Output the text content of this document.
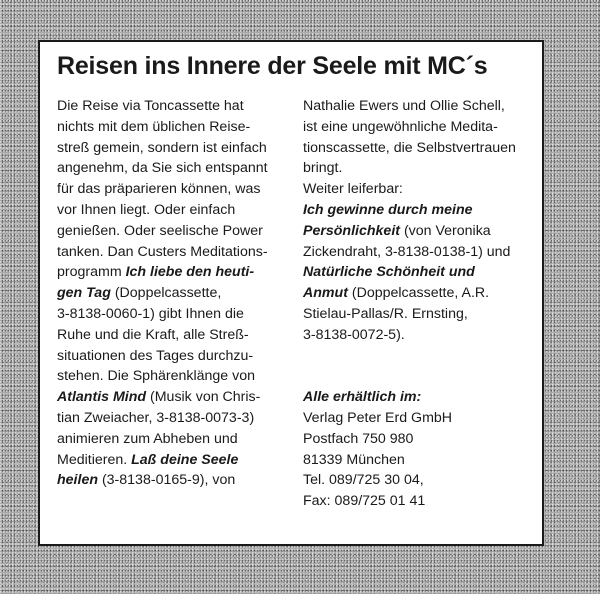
Reisen ins Innere der Seele mit MC´s
Die Reise via Toncassette hat
nichts mit dem üblichen Reise-
streß gemein, sondern ist einfach
angenehm, da Sie sich entspannt
für das präparieren können, was
vor Ihnen liegt. Oder einfach
genießen. Oder seelische Power
tanken. Dan Custers Meditations-
programm Ich liebe den heuti-
gen Tag (Doppelcassette,
3-8138-0060-1) gibt Ihnen die
Ruhe und die Kraft, alle Streß-
situationen des Tages durchzu-
stehen. Die Sphärenklänge von
Atlantis Mind (Musik von Chris-
tian Zweiacher, 3-8138-0073-3)
animieren zum Abheben und
Meditieren. Laß deine Seele
heilen (3-8138-0165-9), von
Nathalie Ewers und Ollie Schell,
ist eine ungewöhnliche Medita-
tionscassette, die Selbstvertrauen
bringt.
Weiter leiferbar:
Ich gewinne durch meine
Persönlichkeit (von Veronika
Zickendraht, 3-8138-0138-1) und
Natürliche Schönheit und
Anmut (Doppelcassette, A.R.
Stielau-Pallas/R. Ernsting,
3-8138-0072-5).
Alle erhältlich im:
Verlag Peter Erd GmbH
Postfach 750 980
81339 München
Tel. 089/725 30 04,
Fax: 089/725 01 41
